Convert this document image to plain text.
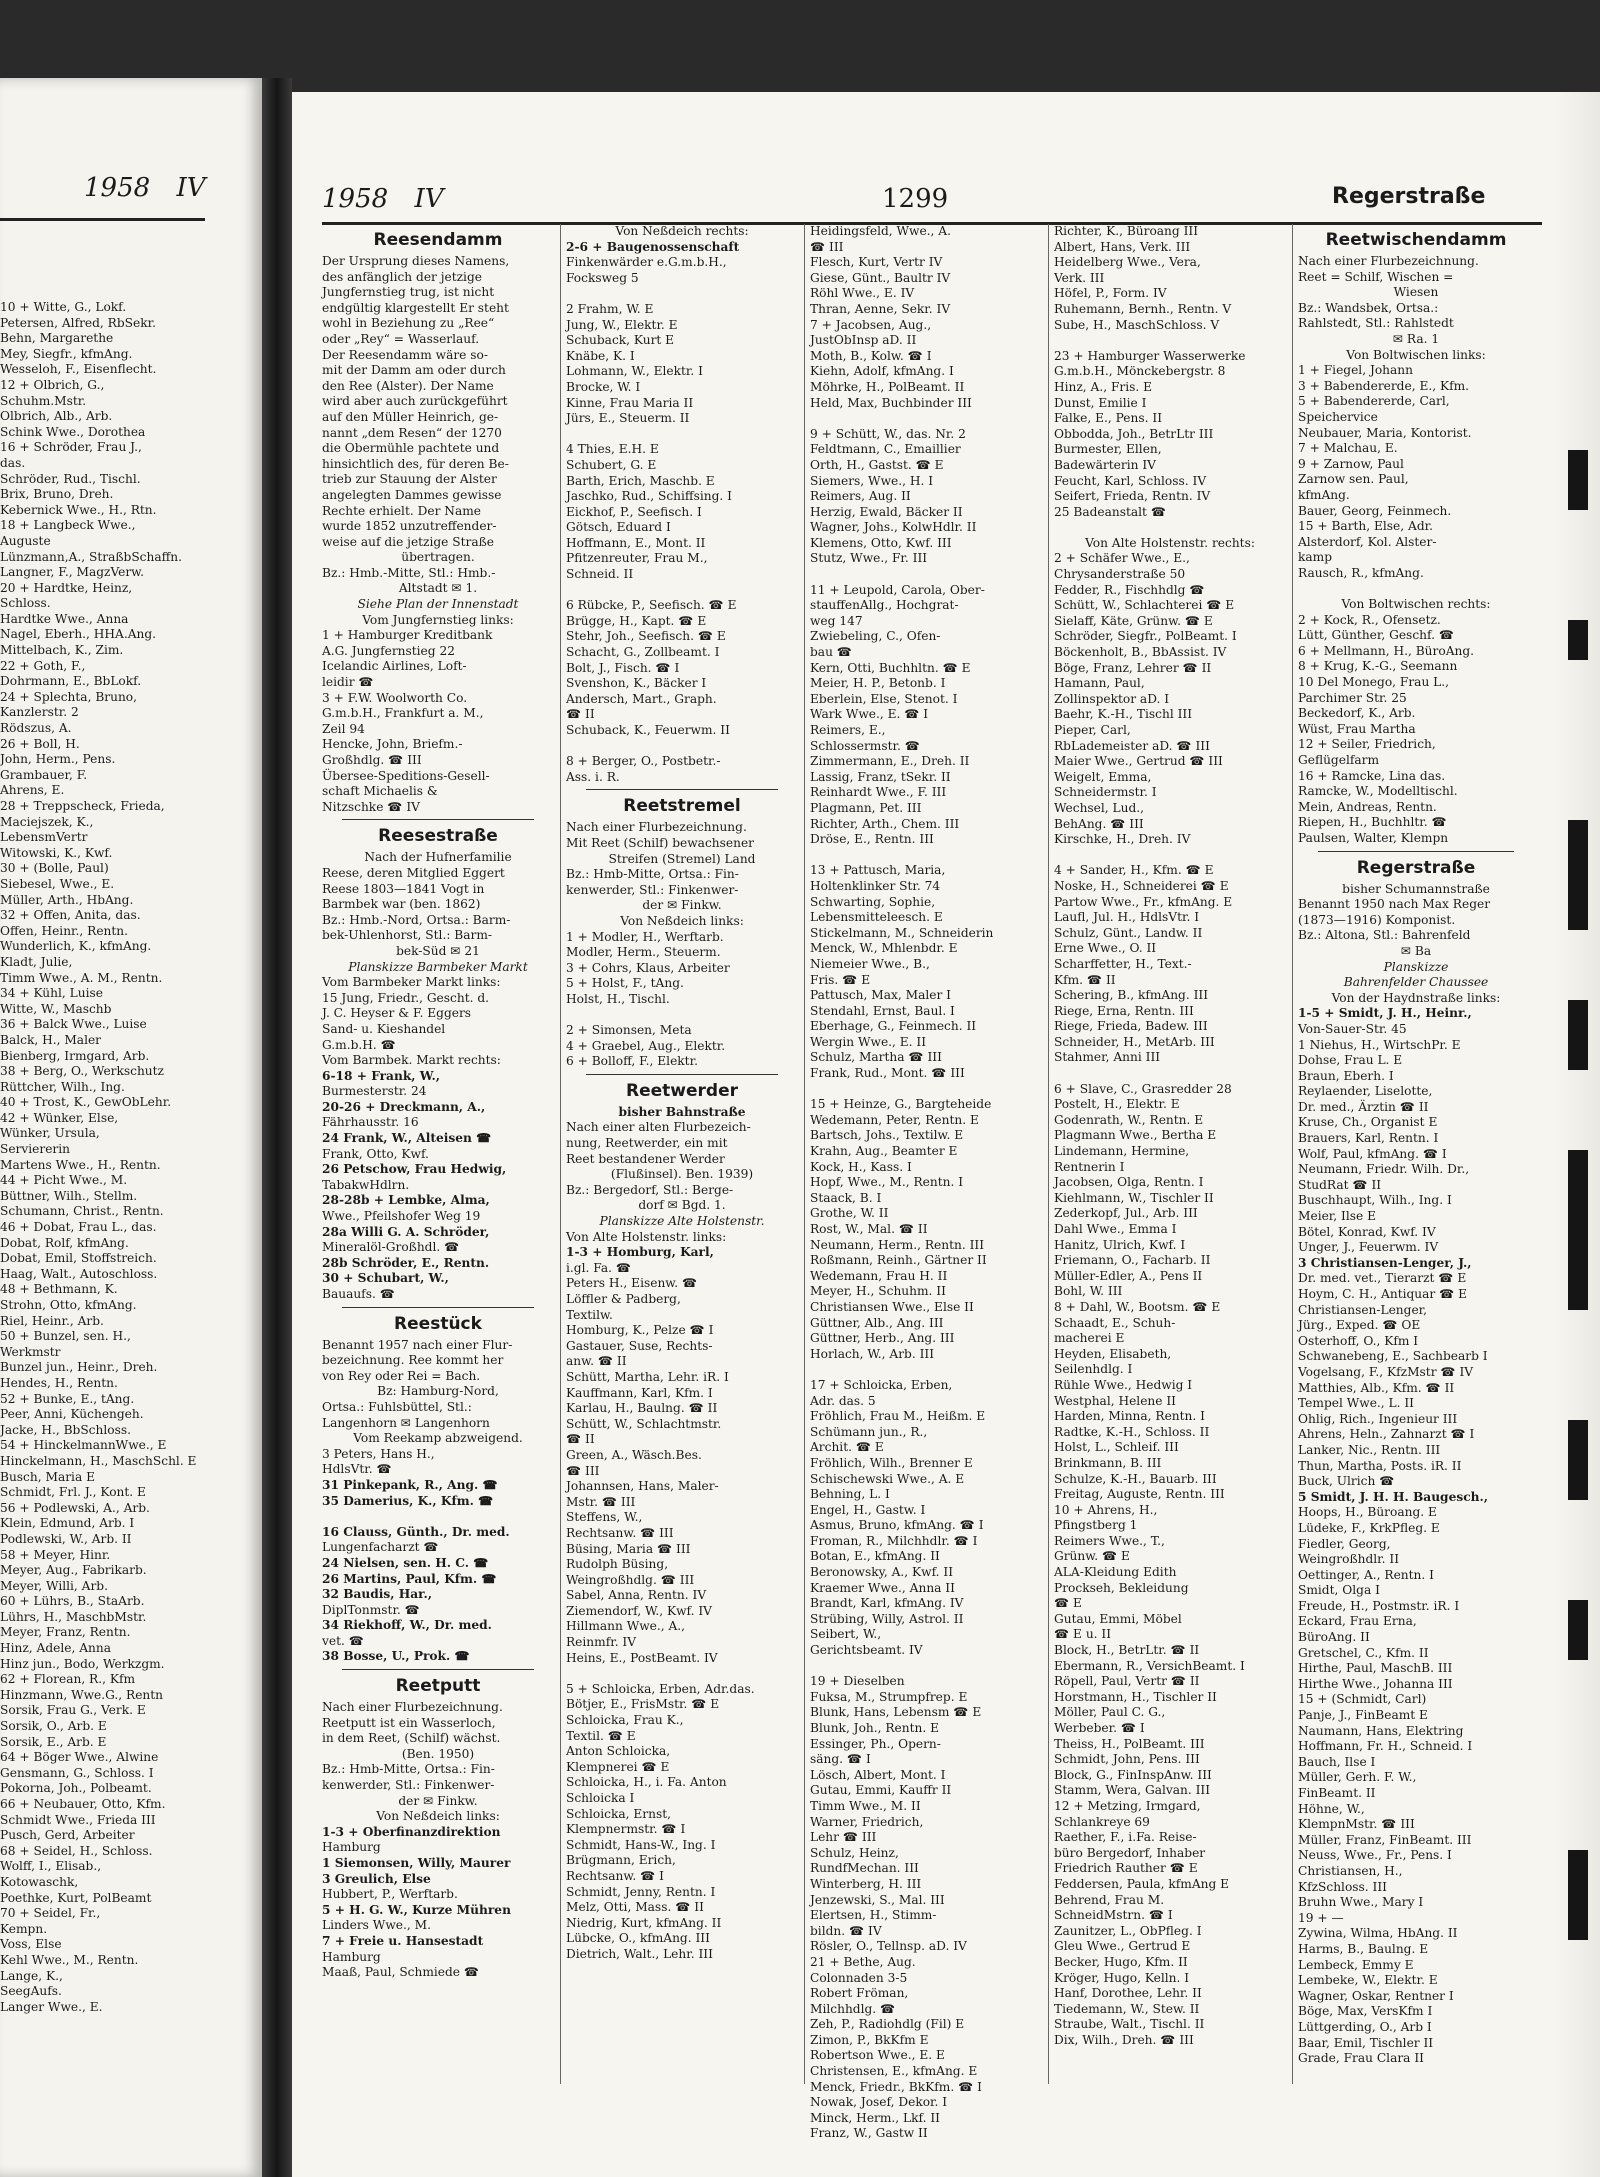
1958 IV
10 + Witte, G., Lokf.
Petersen, Alfred, RbSekr.
Behn, Margarethe
Mey, Siegfr., kfmAng.
Wesseloh, F., Eisenflecht.
12 + Olbrich, G.,
Schuhm.Mstr.
Olbrich, Alb., Arb.
Schink Wwe., Dorothea
16 + Schröder, Frau J.,
das.
Schröder, Rud., Tischl.
Brix, Bruno, Dreh.
Kebernick Wwe., H., Rtn.
18 + Langbeck Wwe.,
Auguste
Lünzmann,A., StraßbSchaffn.
Langner, F., MagzVerw.
20 + Hardtke, Heinz,
Schloss.
Hardtke Wwe., Anna
Nagel, Eberh., HHA.Ang.
Mittelbach, K., Zim.
22 + Goth, F.,
Dohrmann, E., BbLokf.
24 + Splechta, Bruno,
Kanzlerstr. 2
Rödszus, A.
26 + Boll, H.
John, Herm., Pens.
Grambauer, F.
Ahrens, E.
28 + Treppscheck, Frieda,
Maciejszek, K.,
LebensmVertr
Witowski, K., Kwf.
30 + (Bolle, Paul)
Siebesel, Wwe., E.
Müller, Arth., HbAng.
32 + Offen, Anita, das.
Offen, Heinr., Rentn.
Wunderlich, K., kfmAng.
Kladt, Julie,
Timm Wwe., A. M., Rentn.
34 + Kühl, Luise
Witte, W., Maschb
36 + Balck Wwe., Luise
Balck, H., Maler
Bienberg, Irmgard, Arb.
38 + Berg, O., Werkschutz
Rüttcher, Wilh., Ing.
40 + Trost, K., GewObLehr.
42 + Wünker, Else,
Wünker, Ursula,
Serviererin
Martens Wwe., H., Rentn.
44 + Picht Wwe., M.
Büttner, Wilh., Stellm.
Schumann, Christ., Rentn.
46 + Dobat, Frau L., das.
Dobat, Rolf, kfmAng.
Dobat, Emil, Stoffstreich.
Haag, Walt., Autoschloss.
48 + Bethmann, K.
Strohn, Otto, kfmAng.
Riel, Heinr., Arb.
50 + Bunzel, sen. H.,
Werkmstr
Bunzel jun., Heinr., Dreh.
Hendes, H., Rentn.
52 + Bunke, E., tAng.
Peer, Anni, Küchengeh.
Jacke, H., BbSchloss.
54 + HinckelmannWwe., E
Hinckelmann, H., MaschSchl. E
Busch, Maria E
Schmidt, Frl. J., Kont. E
56 + Podlewski, A., Arb.
Klein, Edmund, Arb. I
Podlewski, W., Arb. II
58 + Meyer, Hinr.
Meyer, Aug., Fabrikarb.
Meyer, Willi, Arb.
60 + Lührs, B., StaArb.
Lührs, H., MaschbMstr.
Meyer, Franz, Rentn.
Hinz, Adele, Anna
Hinz jun., Bodo, Werkzgm.
62 + Florean, R., Kfm
Hinzmann, Wwe.G., Rentn
Sorsik, Frau G., Verk. E
Sorsik, O., Arb. E
Sorsik, E., Arb. E
64 + Böger Wwe., Alwine
Gensmann, G., Schloss. I
Pokorna, Joh., Polbeamt.
66 + Neubauer, Otto, Kfm.
Schmidt Wwe., Frieda III
Pusch, Gerd, Arbeiter
68 + Seidel, H., Schloss.
Wolff, I., Elisab.,
Kotowaschk,
Poethke, Kurt, PolBeamt
70 + Seidel, Fr.,
Kempn.
Voss, Else
Kehl Wwe., M., Rentn.
Lange, K.,
SeegAufs.
Langer Wwe., E.
1958 IV	1299	Regerstraße
Reesendamm
Der Ursprung dieses Namens,
des anfänglich der jetzige
Jungfernstieg trug, ist nicht
endgültig klargestellt Er steht
wohl in Beziehung zu „Ree“
oder „Rey“ = Wasserlauf.
Der Reesendamm wäre so-
mit der Damm am oder durch
den Ree (Alster). Der Name
wird aber auch zurückgeführt
auf den Müller Heinrich, ge-
nannt „dem Resen“ der 1270
die Obermühle pachtete und
hinsichtlich des, für deren Be-
trieb zur Stauung der Alster
angelegten Dammes gewisse
Rechte erhielt. Der Name
wurde 1852 unzutreffender-
weise auf die jetzige Straße
übertragen.
Bz.: Hmb.-Mitte, Stl.: Hmb.-
Altstadt ✉ 1.
Siehe Plan der Innenstadt
Vom Jungfernstieg links:
1 + Hamburger Kreditbank
A.G. Jungfernstieg 22
Icelandic Airlines, Loft-
leidir ☎
3 + F.W. Woolworth Co.
G.m.b.H., Frankfurt a. M.,
Zeil 94
Hencke, John, Briefm.-
Großhdlg. ☎ III
Übersee-Speditions-Gesell-
schaft Michaelis &
Nitzschke ☎ IV
Reesestraße
Nach der Hufnerfamilie
Reese, deren Mitglied Eggert
Reese 1803—1841 Vogt in
Barmbek war (ben. 1862)
Bz.: Hmb.-Nord, Ortsa.: Barm-
bek-Uhlenhorst, Stl.: Barm-
bek-Süd ✉ 21
Planskizze Barmbeker Markt
Vom Barmbeker Markt links:
15 Jung, Friedr., Gescht. d.
J. C. Heyser & F. Eggers
Sand- u. Kieshandel
G.m.b.H. ☎
Vom Barmbek. Markt rechts:
6-18 + Frank, W.,
Burmesterstr. 24
20-26 + Dreckmann, A.,
Fährhausstr. 16
24 Frank, W., Alteisen ☎
Frank, Otto, Kwf.
26 Petschow, Frau Hedwig,
TabakwHdlrn.
28-28b + Lembke, Alma,
Wwe., Pfeilshofer Weg 19
28a Willi G. A. Schröder,
Mineralöl-Großhdl. ☎
28b Schröder, E., Rentn.
30 + Schubart, W.,
Bauaufs. ☎
Reestück
Benannt 1957 nach einer Flur-
bezeichnung. Ree kommt her
von Rey oder Rei = Bach.
Bz: Hamburg-Nord,
Ortsa.: Fuhlsbüttel, Stl.:
Langenhorn ✉ Langenhorn
Vom Reekamp abzweigend.
3 Peters, Hans H.,
HdlsVtr. ☎
31 Pinkepank, R., Ang. ☎
35 Damerius, K., Kfm. ☎

16 Clauss, Günth., Dr. med.
Lungenfacharzt ☎
24 Nielsen, sen. H. C. ☎
26 Martins, Paul, Kfm. ☎
32 Baudis, Har.,
DiplTonmstr. ☎
34 Riekhoff, W., Dr. med.
vet. ☎
38 Bosse, U., Prok. ☎
Reetputt
Nach einer Flurbezeichnung.
Reetputt ist ein Wasserloch,
in dem Reet, (Schilf) wächst.
(Ben. 1950)
Bz.: Hmb-Mitte, Ortsa.: Fin-
kenwerder, Stl.: Finkenwer-
der ✉ Finkw.
Von Neßdeich links:
1-3 + Oberfinanzdirektion
Hamburg
1 Siemonsen, Willy, Maurer
3 Greulich, Else
Hubbert, P., Werftarb.
5 + H. G. W., Kurze Mühren
Linders Wwe., M.
7 + Freie u. Hansestadt
Hamburg
Maaß, Paul, Schmiede ☎
Von Neßdeich rechts:
2-6 + Baugenossenschaft
Finkenwärder e.G.m.b.H.,
Focksweg 5

2 Frahm, W. E
Jung, W., Elektr. E
Schuback, Kurt E
Knäbe, K. I
Lohmann, W., Elektr. I
Brocke, W. I
Kinne, Frau Maria II
Jürs, E., Steuerm. II

4 Thies, E.H. E
Schubert, G. E
Barth, Erich, Maschb. E
Jaschko, Rud., Schiffsing. I
Eickhof, P., Seefisch. I
Götsch, Eduard I
Hoffmann, E., Mont. II
Pfitzenreuter, Frau M.,
Schneid. II

6 Rübcke, P., Seefisch. ☎ E
Brügge, H., Kapt. ☎ E
Stehr, Joh., Seefisch. ☎ E
Schacht, G., Zollbeamt. I
Bolt, J., Fisch. ☎ I
Svenshon, K., Bäcker I
Andersch, Mart., Graph.
☎ II
Schuback, K., Feuerwm. II

8 + Berger, O., Postbetr.-
Ass. i. R.
Reetstremel
Nach einer Flurbezeichnung.
Mit Reet (Schilf) bewachsener
Streifen (Stremel) Land
Bz.: Hmb-Mitte, Ortsa.: Fin-
kenwerder, Stl.: Finkenwer-
der ✉ Finkw.
Von Neßdeich links:
1 + Modler, H., Werftarb.
Modler, Herm., Steuerm.
3 + Cohrs, Klaus, Arbeiter
5 + Holst, F., tAng.
Holst, H., Tischl.

2 + Simonsen, Meta
4 + Graebel, Aug., Elektr.
6 + Bolloff, F., Elektr.
Reetwerder
bisher Bahnstraße
Nach einer alten Flurbezeich-
nung, Reetwerder, ein mit
Reet bestandener Werder
(Flußinsel). Ben. 1939)
Bz.: Bergedorf, Stl.: Berge-
dorf ✉ Bgd. 1.
Planskizze Alte Holstenstr.
Von Alte Holstenstr. links:
1-3 + Homburg, Karl,
i.gl. Fa. ☎
Peters H., Eisenw. ☎
Löffler & Padberg,
Textilw.
Homburg, K., Pelze ☎ I
Gastauer, Suse, Rechts-
anw. ☎ II
Schütt, Martha, Lehr. iR. I
Kauffmann, Karl, Kfm. I
Karlau, H., Baulng. ☎ II
Schütt, W., Schlachtmstr.
☎ II
Green, A., Wäsch.Bes.
☎ III
Johannsen, Hans, Maler-
Mstr. ☎ III
Steffens, W.,
Rechtsanw. ☎ III
Büsing, Maria ☎ III
Rudolph Büsing,
Weingroßhdlg. ☎ III
Sabel, Anna, Rentn. IV
Ziemendorf, W., Kwf. IV
Hillmann Wwe., A.,
Reinmfr. IV
Heins, E., PostBeamt. IV

5 + Schloicka, Erben, Adr.das.
Bötjer, E., FrisMstr. ☎ E
Schloicka, Frau K.,
Textil. ☎ E
Anton Schloicka,
Klempnerei ☎ E
Schloicka, H., i. Fa. Anton
Schloicka I
Schloicka, Ernst,
Klempnermstr. ☎ I
Schmidt, Hans-W., Ing. I
Brügmann, Erich,
Rechtsanw. ☎ I
Schmidt, Jenny, Rentn. I
Melz, Otti, Mass. ☎ II
Niedrig, Kurt, kfmAng. II
Lübcke, O., kfmAng. III
Dietrich, Walt., Lehr. III
Heidingsfeld, Wwe., A.
☎ III
Flesch, Kurt, Vertr IV
Giese, Günt., Baultr IV
Röhl Wwe., E. IV
Thran, Aenne, Sekr. IV
7 + Jacobsen, Aug.,
JustObInsp aD. II
Moth, B., Kolw. ☎ I
Kiehn, Adolf, kfmAng. I
Möhrke, H., PolBeamt. II
Held, Max, Buchbinder III

9 + Schütt, W., das. Nr. 2
Feldtmann, C., Emaillier
Orth, H., Gastst. ☎ E
Siemers, Wwe., H. I
Reimers, Aug. II
Herzig, Ewald, Bäcker II
Wagner, Johs., KolwHdlr. II
Klemens, Otto, Kwf. III
Stutz, Wwe., Fr. III

11 + Leupold, Carola, Ober-
stauffenAllg., Hochgrat-
weg 147
Zwiebeling, C., Ofen-
bau ☎
Kern, Otti, Buchhltn. ☎ E
Meier, H. P., Betonb. I
Eberlein, Else, Stenot. I
Wark Wwe., E. ☎ I
Reimers, E.,
Schlossermstr. ☎
Zimmermann, E., Dreh. II
Lassig, Franz, tSekr. II
Reinhardt Wwe., F. III
Plagmann, Pet. III
Richter, Arth., Chem. III
Dröse, E., Rentn. III

13 + Pattusch, Maria,
Holtenklinker Str. 74
Schwarting, Sophie,
Lebensmitteleesch. E
Stickelmann, M., Schneiderin
Menck, W., Mhlenbdr. E
Niemeier Wwe., B.,
Fris. ☎ E
Pattusch, Max, Maler I
Stendahl, Ernst, Baul. I
Eberhage, G., Feinmech. II
Wergin Wwe., E. II
Schulz, Martha ☎ III
Frank, Rud., Mont. ☎ III

15 + Heinze, G., Bargteheide
Wedemann, Peter, Rentn. E
Bartsch, Johs., Textilw. E
Krahn, Aug., Beamter E
Kock, H., Kass. I
Hopf, Wwe., M., Rentn. I
Staack, B. I
Grothe, W. II
Rost, W., Mal. ☎ II
Neumann, Herm., Rentn. III
Roßmann, Reinh., Gärtner II
Wedemann, Frau H. II
Meyer, H., Schuhm. II
Christiansen Wwe., Else II
Güttner, Alb., Ang. III
Güttner, Herb., Ang. III
Horlach, W., Arb. III

17 + Schloicka, Erben,
Adr. das. 5
Fröhlich, Frau M., Heißm. E
Schümann jun., R.,
Archit. ☎ E
Fröhlich, Wilh., Brenner E
Schischewski Wwe., A. E
Behning, L. I
Engel, H., Gastw. I
Asmus, Bruno, kfmAng. ☎ I
Froman, R., Milchhdlr. ☎ I
Botan, E., kfmAng. II
Beronowsky, A., Kwf. II
Kraemer Wwe., Anna II
Brandt, Karl, kfmAng. IV
Strübing, Willy, Astrol. II
Seibert, W.,
Gerichtsbeamt. IV

19 + Dieselben
Fuksa, M., Strumpfrep. E
Blunk, Hans, Lebensm ☎ E
Blunk, Joh., Rentn. E
Essinger, Ph., Opern-
säng. ☎ I
Lösch, Albert, Mont. I
Gutau, Emmi, Kauffr II
Timm Wwe., M. II
Warner, Friedrich,
Lehr ☎ III
Schulz, Heinz,
RundfMechan. III
Winterberg, H. III
Jenzewski, S., Mal. III
Elertsen, H., Stimm-
bildn. ☎ IV
Rösler, O., Tellnsp. aD. IV
21 + Bethe, Aug.
Colonnaden 3-5
Robert Fröman,
Milchhdlg. ☎
Zeh, P., Radiohdlg (Fil) E
Zimon, P., BkKfm E
Robertson Wwe., E. E
Christensen, E., kfmAng. E
Menck, Friedr., BkKfm. ☎ I
Nowak, Josef, Dekor. I
Minck, Herm., Lkf. II
Franz, W., Gastw II
Richter, K., Büroang III
Albert, Hans, Verk. III
Heidelberg Wwe., Vera,
Verk. III
Höfel, P., Form. IV
Ruhemann, Bernh., Rentn. V
Sube, H., MaschSchloss. V

23 + Hamburger Wasserwerke
G.m.b.H., Mönckebergstr. 8
Hinz, A., Fris. E
Dunst, Emilie I
Falke, E., Pens. II
Obbodda, Joh., BetrLtr III
Burmester, Ellen,
Badewärterin IV
Feucht, Karl, Schloss. IV
Seifert, Frieda, Rentn. IV
25 Badeanstalt ☎

Von Alte Holstenstr. rechts:
2 + Schäfer Wwe., E.,
Chrysanderstraße 50
Fedder, R., Fischhdlg ☎
Schütt, W., Schlachterei ☎ E
Sielaff, Käte, Grünw. ☎ E
Schröder, Siegfr., PolBeamt. I
Böckenholt, B., BbAssist. IV
Böge, Franz, Lehrer ☎ II
Hamann, Paul,
Zollinspektor aD. I
Baehr, K.-H., Tischl III
Pieper, Carl,
RbLademeister aD. ☎ III
Maier Wwe., Gertrud ☎ III
Weigelt, Emma,
Schneidermstr. I
Wechsel, Lud.,
BehAng. ☎ III
Kirschke, H., Dreh. IV

4 + Sander, H., Kfm. ☎ E
Noske, H., Schneiderei ☎ E
Partow Wwe., Fr., kfmAng. E
Laufl, Jul. H., HdlsVtr. I
Schulz, Günt., Landw. II
Erne Wwe., O. II
Scharffetter, H., Text.-
Kfm. ☎ II
Schering, B., kfmAng. III
Riege, Erna, Rentn. III
Riege, Frieda, Badew. III
Schneider, H., MetArb. III
Stahmer, Anni III

6 + Slave, C., Grasredder 28
Postelt, H., Elektr. E
Godenrath, W., Rentn. E
Plagmann Wwe., Bertha E
Lindemann, Hermine,
Rentnerin I
Jacobsen, Olga, Rentn. I
Kiehlmann, W., Tischler II
Zederkopf, Jul., Arb. III
Dahl Wwe., Emma I
Hanitz, Ulrich, Kwf. I
Friemann, O., Facharb. II
Müller-Edler, A., Pens II
Bohl, W. III
8 + Dahl, W., Bootsm. ☎ E
Schaadt, E., Schuh-
macherei E
Heyden, Elisabeth,
Seilenhdlg. I
Rühle Wwe., Hedwig I
Westphal, Helene II
Harden, Minna, Rentn. I
Radtke, K.-H., Schloss. II
Holst, L., Schleif. III
Brinkmann, B. III
Schulze, K.-H., Bauarb. III
Freitag, Auguste, Rentn. III
10 + Ahrens, H.,
Pfingstberg 1
Reimers Wwe., T.,
Grünw. ☎ E
ALA-Kleidung Edith
Prockseh, Bekleidung
☎ E
Gutau, Emmi, Möbel
☎ E u. II
Block, H., BetrLtr. ☎ II
Ebermann, R., VersichBeamt. I
Röpell, Paul, Vertr ☎ II
Horstmann, H., Tischler II
Möller, Paul C. G.,
Werbeber. ☎ I
Theiss, H., PolBeamt. III
Schmidt, John, Pens. III
Block, G., FinInspAnw. III
Stamm, Wera, Galvan. III
12 + Metzing, Irmgard,
Schlankreye 69
Raether, F., i.Fa. Reise-
büro Bergedorf, Inhaber
Friedrich Rauther ☎ E
Feddersen, Paula, kfmAng E
Behrend, Frau M.
SchneidMstrn. ☎ I
Zaunitzer, L., ObPfleg. I
Gleu Wwe., Gertrud E
Becker, Hugo, Kfm. II
Kröger, Hugo, Kelln. I
Hanf, Dorothee, Lehr. II
Tiedemann, W., Stew. II
Straube, Walt., Tischl. II
Dix, Wilh., Dreh. ☎ III
Reetwischendamm
Nach einer Flurbezeichnung.
Reet = Schilf, Wischen =
Wiesen
Bz.: Wandsbek, Ortsa.:
Rahlstedt, Stl.: Rahlstedt
✉ Ra. 1
Von Boltwischen links:
1 + Fiegel, Johann
3 + Babendererde, E., Kfm.
5 + Babendererde, Carl,
Speichervice
Neubauer, Maria, Kontorist.
7 + Malchau, E.
9 + Zarnow, Paul
Zarnow sen. Paul,
kfmAng.
Bauer, Georg, Feinmech.
15 + Barth, Else, Adr.
Alsterdorf, Kol. Alster-
kamp
Rausch, R., kfmAng.

Von Boltwischen rechts:
2 + Kock, R., Ofensetz.
Lütt, Günther, Geschf. ☎
6 + Mellmann, H., BüroAng.
8 + Krug, K.-G., Seemann
10 Del Monego, Frau L.,
Parchimer Str. 25
Beckedorf, K., Arb.
Wüst, Frau Martha
12 + Seiler, Friedrich,
Geflügelfarm
16 + Ramcke, Lina das.
Ramcke, W., Modelltischl.
Mein, Andreas, Rentn.
Riepen, H., Buchhltr. ☎
Paulsen, Walter, Klempn
Regerstraße
bisher Schumannstraße
Benannt 1950 nach Max Reger
(1873—1916) Komponist.
Bz.: Altona, Stl.: Bahrenfeld
✉ Ba
Planskizze
Bahrenfelder Chaussee
Von der Haydnstraße links:
1-5 + Smidt, J. H., Heinr.,
Von-Sauer-Str. 45
1 Niehus, H., WirtschPr. E
Dohse, Frau L. E
Braun, Eberh. I
Reylaender, Liselotte,
Dr. med., Ärztin ☎ II
Kruse, Ch., Organist E
Brauers, Karl, Rentn. I
Wolf, Paul, kfmAng. ☎ I
Neumann, Friedr. Wilh. Dr.,
StudRat ☎ II
Buschhaupt, Wilh., Ing. I
Meier, Ilse E
Bötel, Konrad, Kwf. IV
Unger, J., Feuerwm. IV
3 Christiansen-Lenger, J.,
Dr. med. vet., Tierarzt ☎ E
Hoym, C. H., Antiquar ☎ E
Christiansen-Lenger,
Jürg., Exped. ☎ OE
Osterhoff, O., Kfm I
Schwanebeng, E., Sachbearb I
Vogelsang, F., KfzMstr ☎ IV
Matthies, Alb., Kfm. ☎ II
Tempel Wwe., L. II
Ohlig, Rich., Ingenieur III
Ahrens, Heln., Zahnarzt ☎ I
Lanker, Nic., Rentn. III
Thun, Martha, Posts. iR. II
Buck, Ulrich ☎
5 Smidt, J. H. H. Baugesch.,
Hoops, H., Büroang. E
Lüdeke, F., KrkPfleg. E
Fiedler, Georg,
Weingroßhdlr. II
Oettinger, A., Rentn. I
Smidt, Olga I
Freude, H., Postmstr. iR. I
Eckard, Frau Erna,
BüroAng. II
Gretschel, C., Kfm. II
Hirthe, Paul, MaschB. III
Hirthe Wwe., Johanna III
15 + (Schmidt, Carl)
Panje, J., FinBeamt E
Naumann, Hans, Elektring
Hoffmann, Fr. H., Schneid. I
Bauch, Ilse I
Müller, Gerh. F. W.,
FinBeamt. II
Höhne, W.,
KlempnMstr. ☎ III
Müller, Franz, FinBeamt. III
Neuss, Wwe., Fr., Pens. I
Christiansen, H.,
KfzSchloss. III
Bruhn Wwe., Mary I
19 + —
Zywina, Wilma, HbAng. II
Harms, B., Baulng. E
Lembeck, Emmy E
Lembeke, W., Elektr. E
Wagner, Oskar, Rentner I
Böge, Max, VersKfm I
Lüttgerding, O., Arb I
Baar, Emil, Tischler II
Grade, Frau Clara II
